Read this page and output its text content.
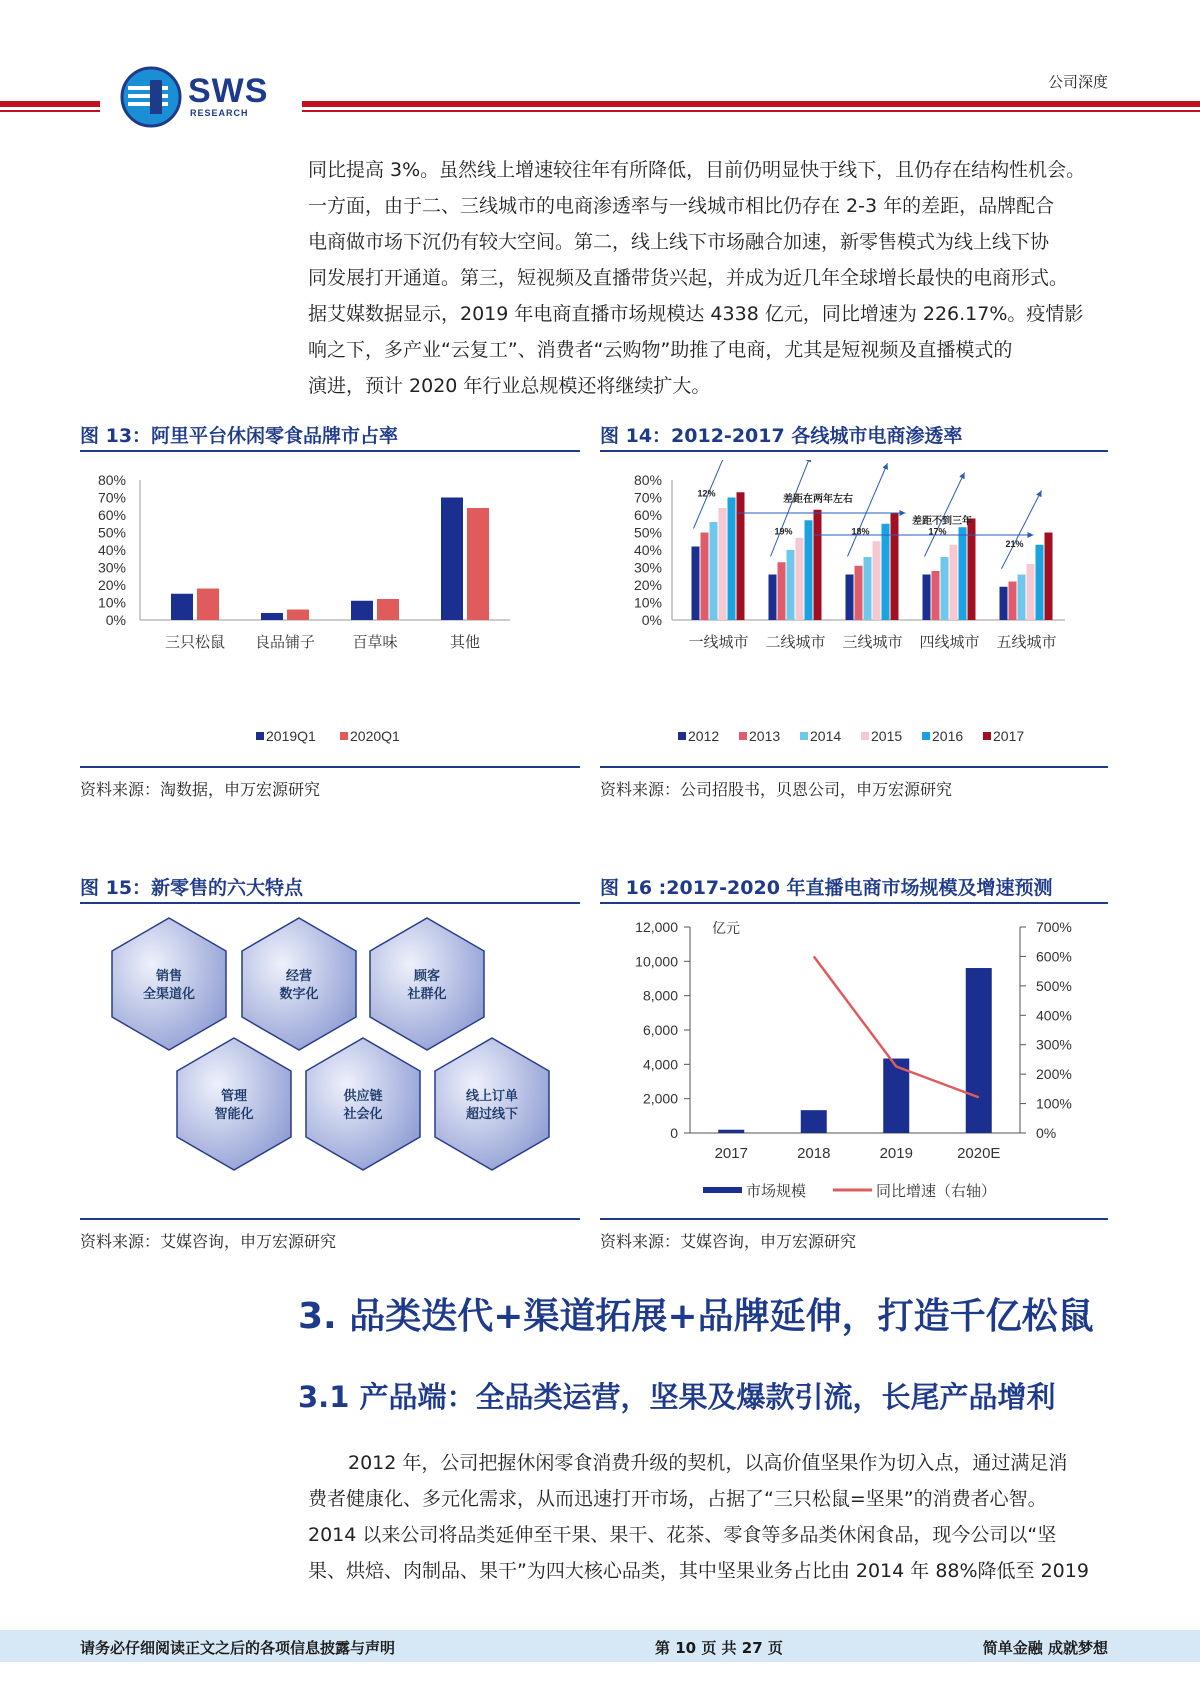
SWS
RESEARCH
公司深度

同比提高 3%。虽然线上增速较往年有所降低，目前仍明显快于线下，且仍存在结构性机会。

一方面，由于二、三线城市的电商渗透率与一线城市相比仍存在 2-3 年的差距，品牌配合

电商做市场下沉仍有较大空间。第二，线上线下市场融合加速，新零售模式为线上线下协

同发展打开通道。第三，短视频及直播带货兴起，并成为近几年全球增长最快的电商形式。

据艾媒数据显示，2019 年电商直播市场规模达 4338 亿元，同比增速为 226.17%。疫情影

响之下，多产业“云复工”、消费者“云购物”助推了电商，尤其是短视频及直播模式的

演进，预计 2020 年行业总规模还将继续扩大。

图 13：阿里平台休闲零食品牌市占率
80%
70%
60%
50%
40%
30%
20%
10%
0%
三只松鼠 良品铺子 百草味	其他
2019Q1 2020Q1
资料来源：淘数据，申万宏源研究
图 14：2012-2017 各线城市电商渗透率
80%
70%
60%
50%
40%
30%
20%
10%
0%
一线城市 二线城市 三线城市 四线城市 五线城市
12%
19%	18%	17%
21%
差距在两年左右
差距不到三年
2012 2013 2014 2015 2016 2017
资料来源：公司招股书，贝恩公司，申万宏源研究
图 15：新零售的六大特点
销售
全渠道化
经营
数字化
顾客
社群化
管理
智能化
供应链
社会化
线上订单
超过线下
资料来源：艾媒咨询，申万宏源研究
图 16 :2017-2020 年直播电商市场规模及增速预测
12,000
10,000
8,000
6,000
4,000
2,000
0
700%
600%
500%
400%
300%
200%
100%
0%
亿元
2017	2018	2019	2020E
市场规模	同比增速（右轴）
资料来源：艾媒咨询，申万宏源研究
3. 品类迭代+渠道拓展+品牌延伸，打造千亿松鼠
3.1 产品端：全品类运营，坚果及爆款引流，长尾产品增利

2012 年，公司把握休闲零食消费升级的契机，以高价值坚果作为切入点，通过满足消

费者健康化、多元化需求，从而迅速打开市场，占据了“三只松鼠=坚果”的消费者心智。

2014 以来公司将品类延伸至干果、果干、花茶、零食等多品类休闲食品，现今公司以“坚

果、烘焙、肉制品、果干”为四大核心品类，其中坚果业务占比由 2014 年 88%降低至 2019

请务必仔细阅读正文之后的各项信息披露与声明	第 10 页 共 27 页	简单金融 成就梦想
